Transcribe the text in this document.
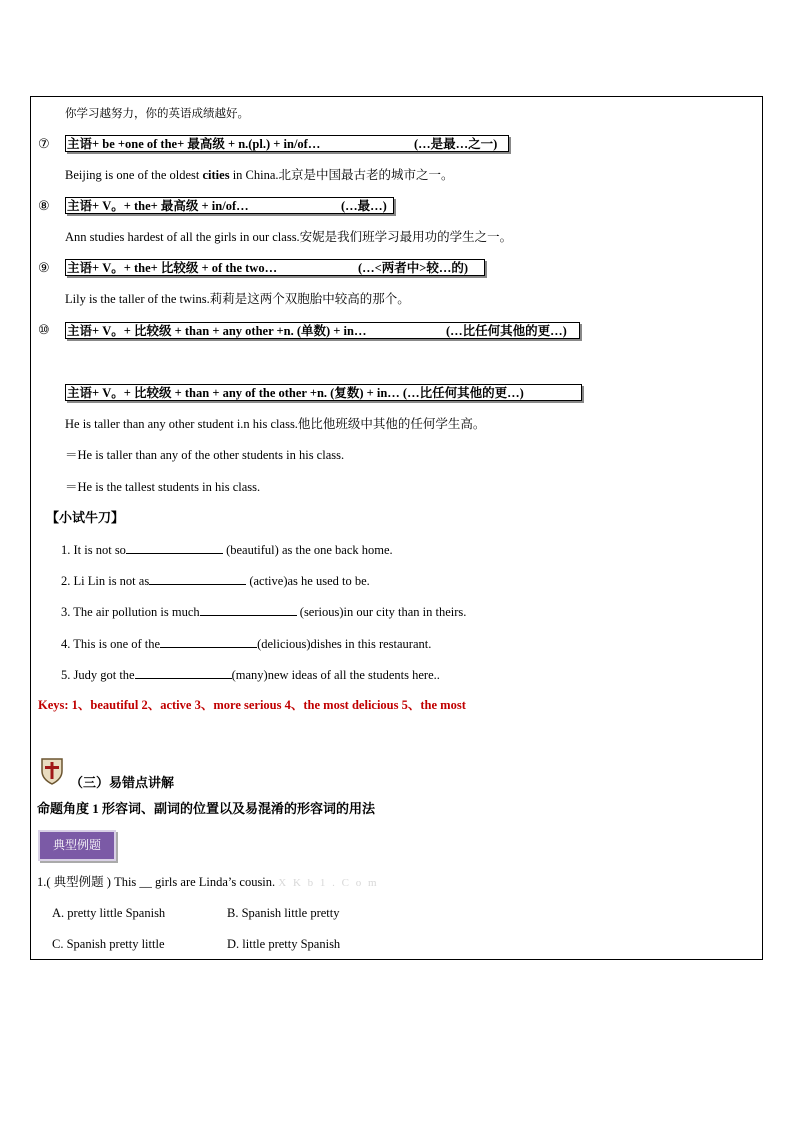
你学习越努力，你的英语成绩越好。
⑦ 主语+ be +one of the+ 最高级 + n.(pl.) + in/of…	(…是最…之一)
Beijing is one of the oldest cities in China.北京是中国最古老的城市之一。
⑧ 主语+ V。+ the+ 最高级 + in/of…	(…最…)
Ann studies hardest of all the girls in our class.安妮是我们班学习最用功的学生之一。
⑨ 主语+ V。+ the+ 比较级 + of the two…	(…<两者中>较…的)
Lily is the taller of the twins.莉莉是这两个双胞胎中较高的那个。
⑩ 主语+ V。+ 比较级 + than + any other +n. (单数) + in…	(…比任何其他的更…)
主语+ V。+ 比较级 + than + any of the other +n. (复数) + in… (…比任何其他的更…)
He is taller than any other student i.n his class.他比他班级中其他的任何学生高。
＝He is taller than any of the other students in his class.
＝He is the tallest students in his class.
【小试牛刀】
1. It is not so	(beautiful) as the one back home.
2. Li Lin is not as	(active)as he used to be.
3. The air pollution is much	(serious)in our city than in theirs.
4. This is one of the	(delicious)dishes in this restaurant.
5. Judy got the	(many)new ideas of all the students here..
Keys: 1、beautiful 2、active 3、more serious 4、the most delicious 5、the most
（三）易错点讲解
命题角度 1 形容词、副词的位置以及易混淆的形容词的用法
典型例题
1.( 典型例题 ) This __ girls are Linda’s cousin. X K b 1 . C o m
A. pretty little Spanish	B. Spanish little pretty
C. Spanish pretty little	D. little pretty Spanish
